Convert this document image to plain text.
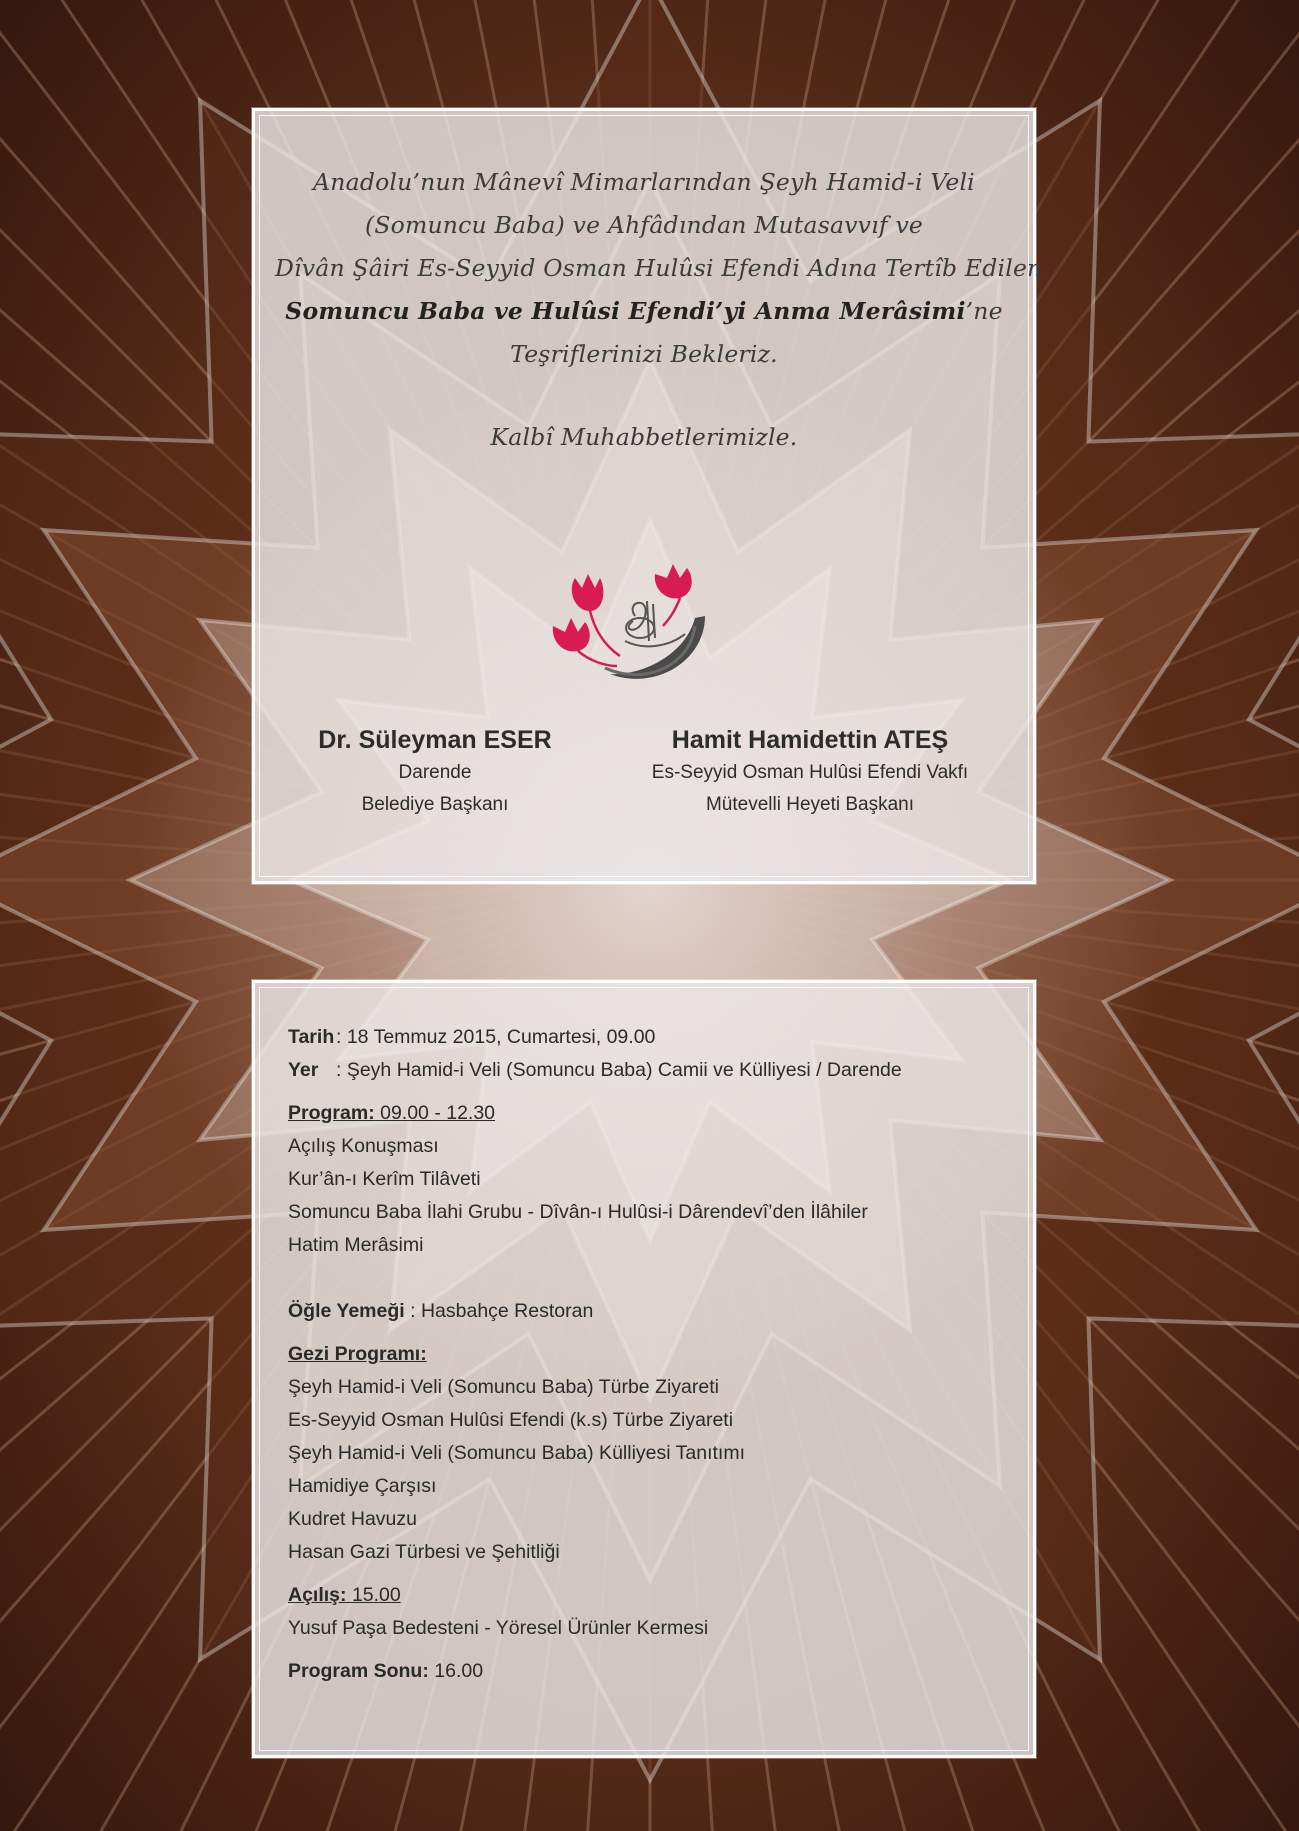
Anadolu’nun Mânevî Mimarlarından Şeyh Hamid-i Veli
(Somuncu Baba) ve Ahfâdından Mutasavvıf ve
Dîvân Şâiri Es-Seyyid Osman Hulûsi Efendi Adına Tertîb Edilen
Somuncu Baba ve Hulûsi Efendi’yi Anma Merâsimi’ne
Teşriflerinizi Bekleriz.
Kalbî Muhabbetlerimizle.
Dr. Süleyman ESER
Darende
Belediye Başkanı
Hamit Hamidettin ATEŞ
Es-Seyyid Osman Hulûsi Efendi Vakfı
Mütevelli Heyeti Başkanı
Tarih: 18 Temmuz 2015, Cumartesi, 09.00
Yer : Şeyh Hamid-i Veli (Somuncu Baba) Camii ve Külliyesi / Darende
Program: 09.00 - 12.30
Açılış Konuşması
Kur’ân-ı Kerîm Tilâveti
Somuncu Baba İlahi Grubu - Dîvân-ı Hulûsi-i Dârendevî’den İlâhiler
Hatim Merâsimi
Öğle Yemeği : Hasbahçe Restoran
Gezi Programı:
Şeyh Hamid-i Veli (Somuncu Baba) Türbe Ziyareti
Es-Seyyid Osman Hulûsi Efendi (k.s) Türbe Ziyareti
Şeyh Hamid-i Veli (Somuncu Baba) Külliyesi Tanıtımı
Hamidiye Çarşısı
Kudret Havuzu
Hasan Gazi Türbesi ve Şehitliği
Açılış: 15.00
Yusuf Paşa Bedesteni - Yöresel Ürünler Kermesi
Program Sonu: 16.00
